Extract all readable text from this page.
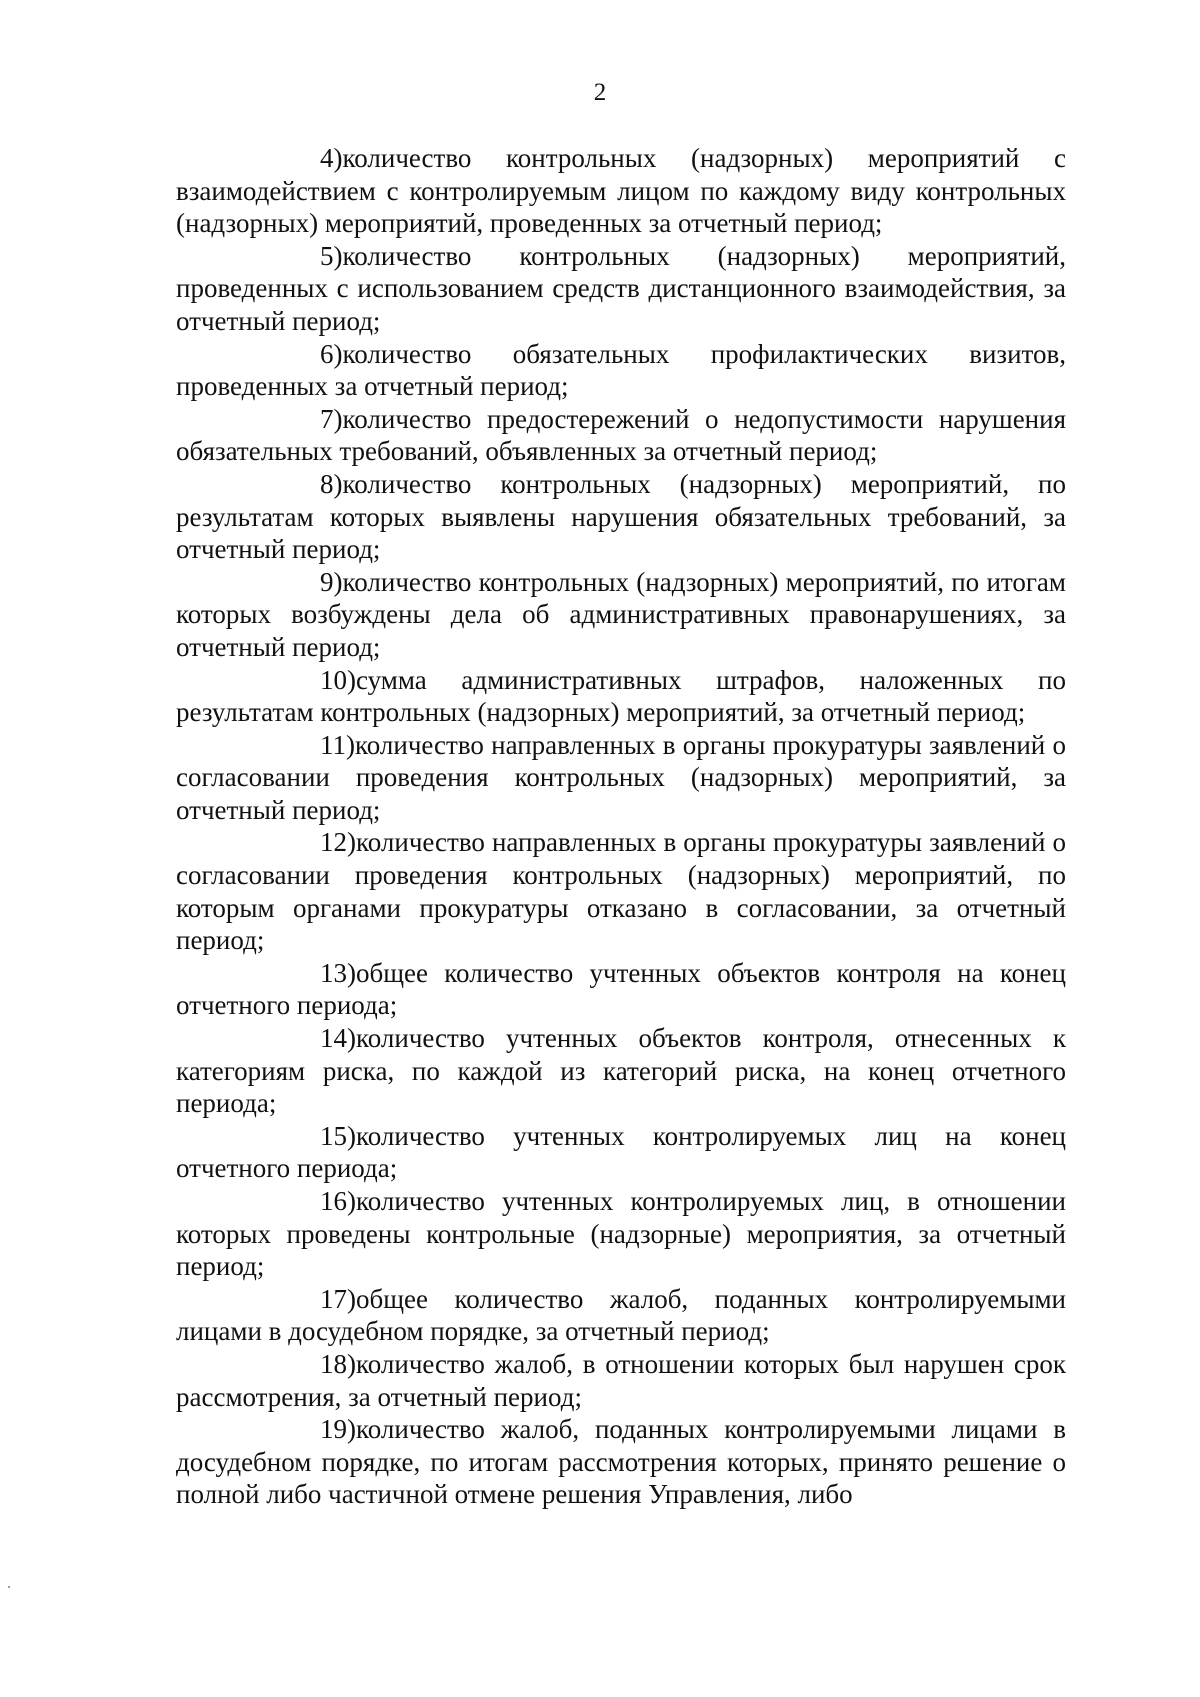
2

4)количество контрольных (надзорных) мероприятий с взаимодействием с контролируемым лицом по каждому виду контрольных (надзорных) мероприятий, проведенных за отчетный период;

5)количество контрольных (надзорных) мероприятий, проведенных с использованием средств дистанционного взаимодействия, за отчетный период;

6)количество обязательных профилактических визитов, проведенных за отчетный период;

7)количество предостережений о недопустимости нарушения обязательных требований, объявленных за отчетный период;

8)количество контрольных (надзорных) мероприятий, по результатам которых выявлены нарушения обязательных требований, за отчетный период;

9)количество контрольных (надзорных) мероприятий, по итогам которых возбуждены дела об административных правонарушениях, за отчетный период;

10)сумма административных штрафов, наложенных по результатам контрольных (надзорных) мероприятий, за отчетный период;

11)количество направленных в органы прокуратуры заявлений о согласовании проведения контрольных (надзорных) мероприятий, за отчетный период;

12)количество направленных в органы прокуратуры заявлений о согласовании проведения контрольных (надзорных) мероприятий, по которым органами прокуратуры отказано в согласовании, за отчетный период;

13)общее количество учтенных объектов контроля на конец отчетного периода;

14)количество учтенных объектов контроля, отнесенных к категориям риска, по каждой из категорий риска, на конец отчетного периода;

15)количество учтенных контролируемых лиц на конец отчетного периода;

16)количество учтенных контролируемых лиц, в отношении которых проведены контрольные (надзорные) мероприятия, за отчетный период;

17)общее количество жалоб, поданных контролируемыми лицами в досудебном порядке, за отчетный период;

18)количество жалоб, в отношении которых был нарушен срок рассмотрения, за отчетный период;

19)количество жалоб, поданных контролируемыми лицами в досудебном порядке, по итогам рассмотрения которых, принято решение о полной либо частичной отмене решения Управления, либо
